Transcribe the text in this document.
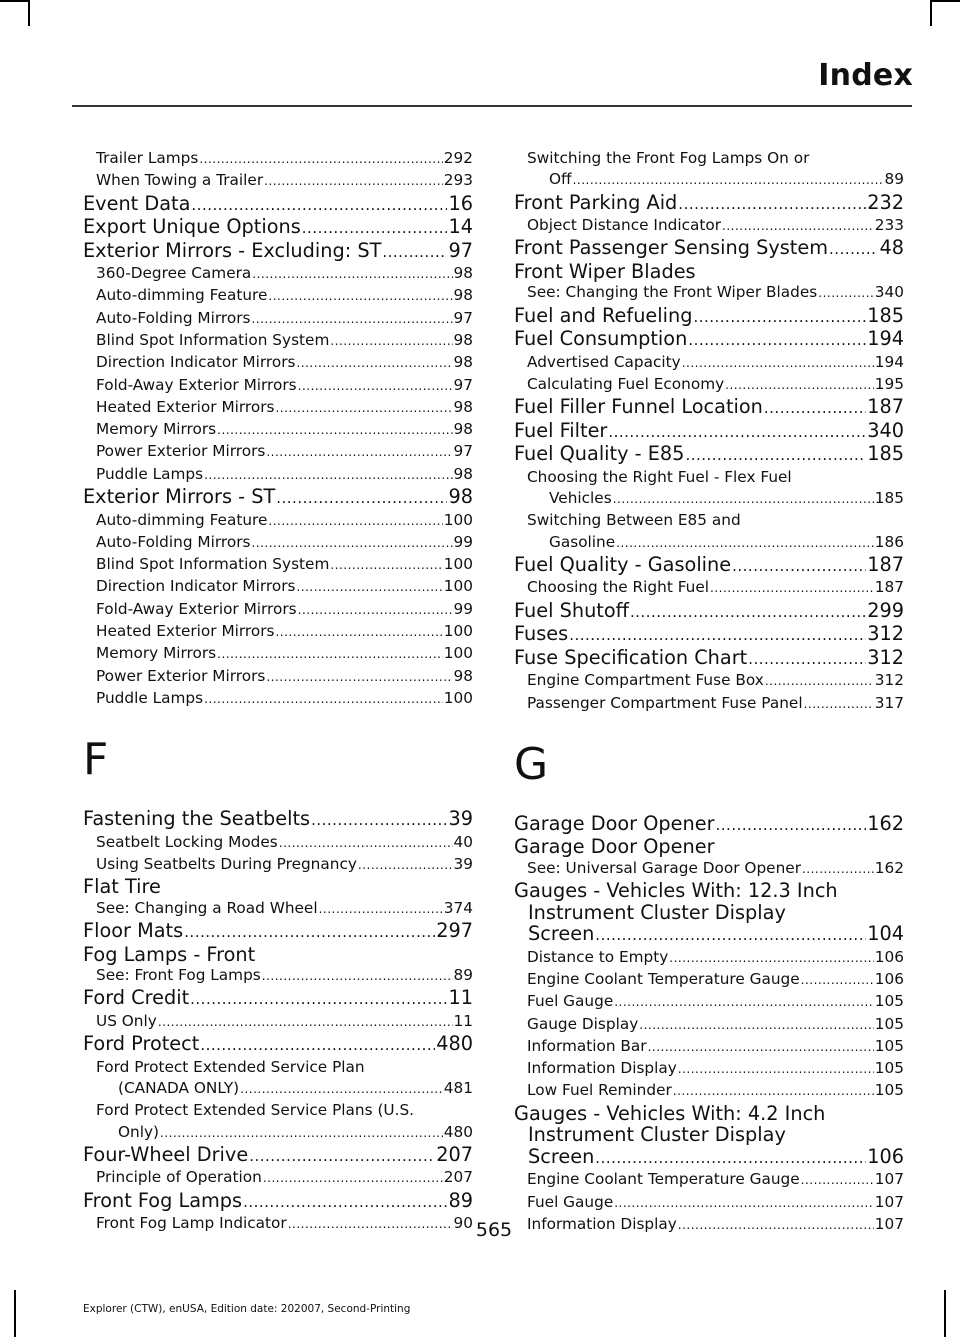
Index
Trailer Lamps .....	292
When Towing a Trailer .....	293
Event Data .....	16
Export Unique Options .....	14
Exterior Mirrors - Excluding: ST .....	97
360-Degree Camera .....	98
Auto-dimming Feature .....	98
Auto-Folding Mirrors .....	97
Blind Spot Information System .....	98
Direction Indicator Mirrors .....	98
Fold-Away Exterior Mirrors .....	97
Heated Exterior Mirrors .....	98
Memory Mirrors .....	98
Power Exterior Mirrors .....	97
Puddle Lamps .....	98
Exterior Mirrors - ST .....	98
Auto-dimming Feature .....	100
Auto-Folding Mirrors .....	99
Blind Spot Information System .....	100
Direction Indicator Mirrors .....	100
Fold-Away Exterior Mirrors .....	99
Heated Exterior Mirrors .....	100
Memory Mirrors .....	100
Power Exterior Mirrors .....	98
Puddle Lamps .....	100
F
Fastening the Seatbelts .....	39
Seatbelt Locking Modes .....	40
Using Seatbelts During Pregnancy .....	39
Flat Tire
See: Changing a Road Wheel .....	374
Floor Mats .....	297
Fog Lamps - Front
See: Front Fog Lamps .....	89
Ford Credit .....	11
US Only .....	11
Ford Protect .....	480
Ford Protect Extended Service Plan
(CANADA ONLY) .....	481
Ford Protect Extended Service Plans (U.S.
Only) .....	480
Four-Wheel Drive .....	207
Principle of Operation .....	207
Front Fog Lamps .....	89
Front Fog Lamp Indicator .....	90
Switching the Front Fog Lamps On or
Off .....	89
Front Parking Aid .....	232
Object Distance Indicator .....	233
Front Passenger Sensing System .....	48
Front Wiper Blades
See: Changing the Front Wiper Blades .....	340
Fuel and Refueling .....	185
Fuel Consumption .....	194
Advertised Capacity .....	194
Calculating Fuel Economy .....	195
Fuel Filler Funnel Location .....	187
Fuel Filter .....	340
Fuel Quality - E85 .....	185
Choosing the Right Fuel - Flex Fuel
Vehicles .....	185
Switching Between E85 and
Gasoline .....	186
Fuel Quality - Gasoline .....	187
Choosing the Right Fuel .....	187
Fuel Shutoff .....	299
Fuses .....	312
Fuse Specification Chart .....	312
Engine Compartment Fuse Box .....	312
Passenger Compartment Fuse Panel .....	317
G
Garage Door Opener .....	162
Garage Door Opener
See: Universal Garage Door Opener .....	162
Gauges - Vehicles With: 12.3 Inch
Instrument Cluster Display
Screen .....	104
Distance to Empty .....	106
Engine Coolant Temperature Gauge .....	106
Fuel Gauge .....	105
Gauge Display .....	105
Information Bar .....	105
Information Display .....	105
Low Fuel Reminder .....	105
Gauges - Vehicles With: 4.2 Inch
Instrument Cluster Display
Screen .....	106
Engine Coolant Temperature Gauge .....	107
Fuel Gauge .....	107
Information Display .....	107
565
Explorer (CTW), enUSA, Edition date: 202007, Second-Printing
